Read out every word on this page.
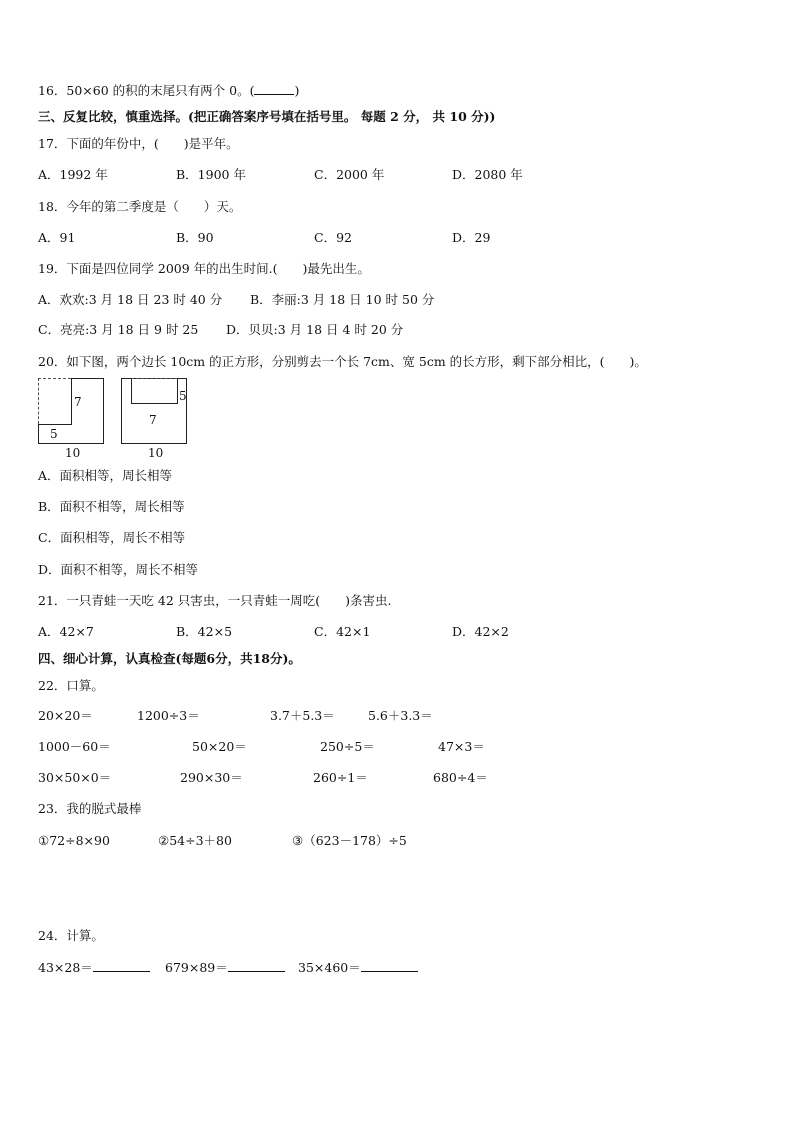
16．50×60 的积的末尾只有两个 0。(	)
三、反复比较，慎重选择。(把正确答案序号填在括号里。 每题 2 分， 共 10 分))
17．下面的年份中，(　　)是平年。
A．1992 年	B．1900 年	C．2000 年	D．2080 年
18．今年的第二季度是（　　）天。
A．91	B．90	C．92	D．29
19．下面是四位同学 2009 年的出生时间.(　　)最先出生。
A．欢欢:3 月 18 日 23 时 40 分 B．李丽:3 月 18 日 10 时 50 分
C．亮亮:3 月 18 日 9 时 25 D．贝贝:3 月 18 日 4 时 20 分
20．如下图，两个边长 10cm 的正方形，分别剪去一个长 7cm、宽 5cm 的长方形，剩下部分相比，(　　)。
7
5
10
5
7
10
A．面积相等，周长相等
B．面积不相等，周长相等
C．面积相等，周长不相等
D．面积不相等，周长不相等
21．一只青蛙一天吃 42 只害虫，一只青蛙一周吃(　　)条害虫.
A．42×7	B．42×5	C．42×1	D．42×2
四、细心计算，认真检查(每题6分，共18分)。
22．口算。
20×20＝	1200÷3＝	3.7＋5.3＝	5.6＋3.3＝
1000－60＝	50×20＝	250÷5＝	47×3＝
30×50×0＝	290×30＝	260÷1＝	680÷4＝
23．我的脱式最棒
①72÷8×90	②54÷3＋80	③（623－178）÷5
24．计算。
43×28＝	679×89＝	35×460＝
